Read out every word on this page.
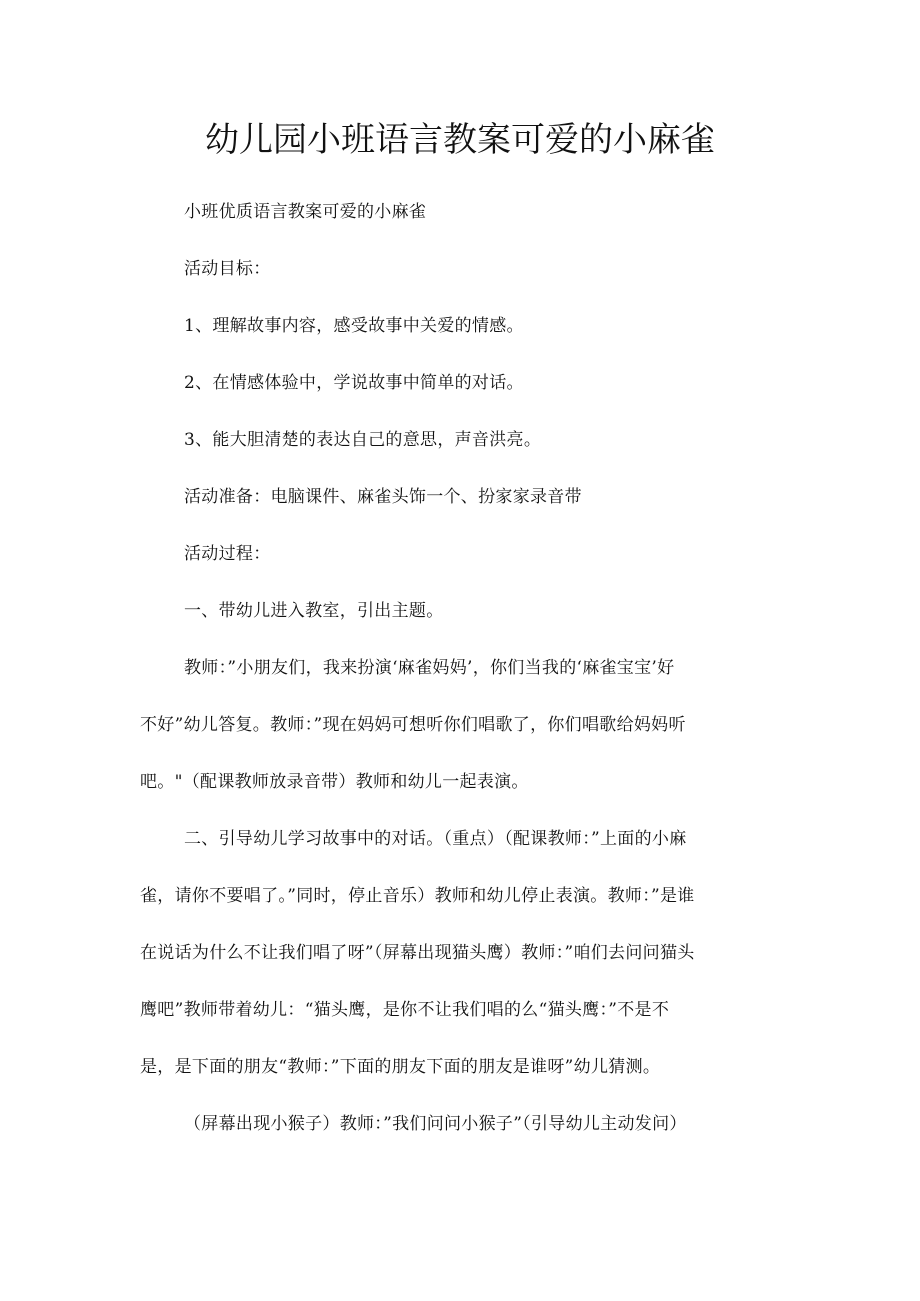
幼儿园小班语言教案可爱的小麻雀
小班优质语言教案可爱的小麻雀
活动目标：
1、理解故事内容，感受故事中关爱的情感。
2、在情感体验中，学说故事中简单的对话。
3、能大胆清楚的表达自己的意思，声音洪亮。
活动准备：电脑课件、麻雀头饰一个、扮家家录音带
活动过程：
一、带幼儿进入教室，引出主题。
教师：”小朋友们，我来扮演‘麻雀妈妈’，你们当我的‘麻雀宝宝’好
不好”幼儿答复。教师：”现在妈妈可想听你们唱歌了，你们唱歌给妈妈听
吧。"（配课教师放录音带）教师和幼儿一起表演。
二、引导幼儿学习故事中的对话。（重点）（配课教师：”上面的小麻
雀，请你不要唱了。”同时，停止音乐）教师和幼儿停止表演。教师：”是谁
在说话为什么不让我们唱了呀”（屏幕出现猫头鹰）教师：”咱们去问问猫头
鹰吧”教师带着幼儿：“猫头鹰，是你不让我们唱的么“猫头鹰：”不是不
是，是下面的朋友“教师：”下面的朋友下面的朋友是谁呀”幼儿猜测。
（屏幕出现小猴子）教师：”我们问问小猴子”（引导幼儿主动发问）
